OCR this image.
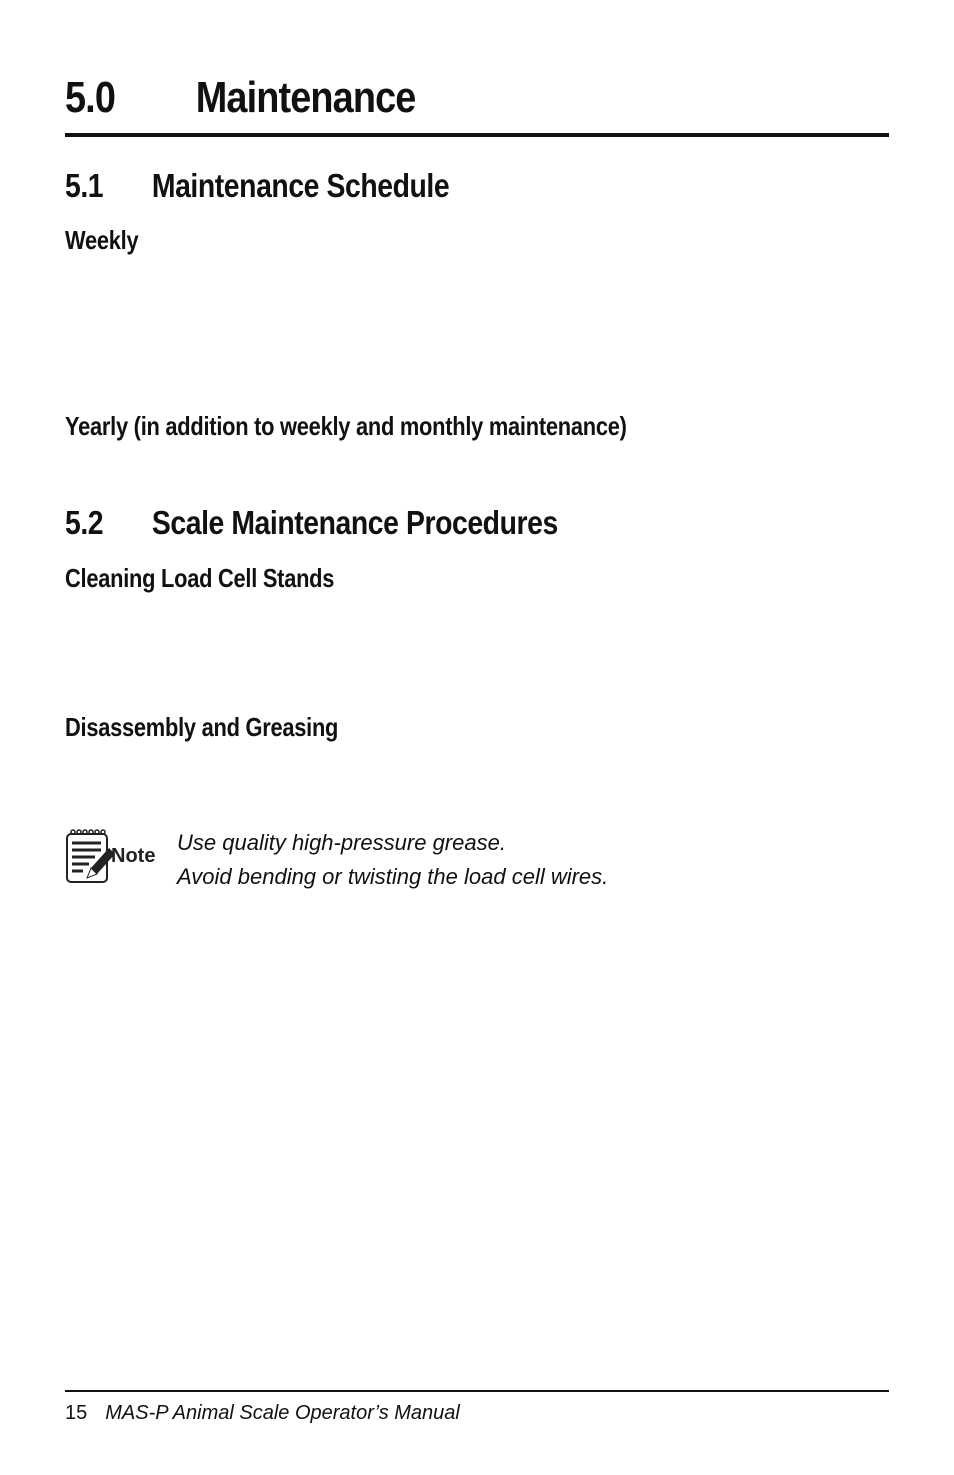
5.0 Maintenance
5.1 Maintenance Schedule
Weekly
Yearly (in addition to weekly and monthly maintenance)
5.2 Scale Maintenance Procedures
Cleaning Load Cell Stands
Disassembly and Greasing
Note
Use quality high-pressure grease.
Avoid bending or twisting the load cell wires.
15 MAS-P Animal Scale Operator’s Manual
